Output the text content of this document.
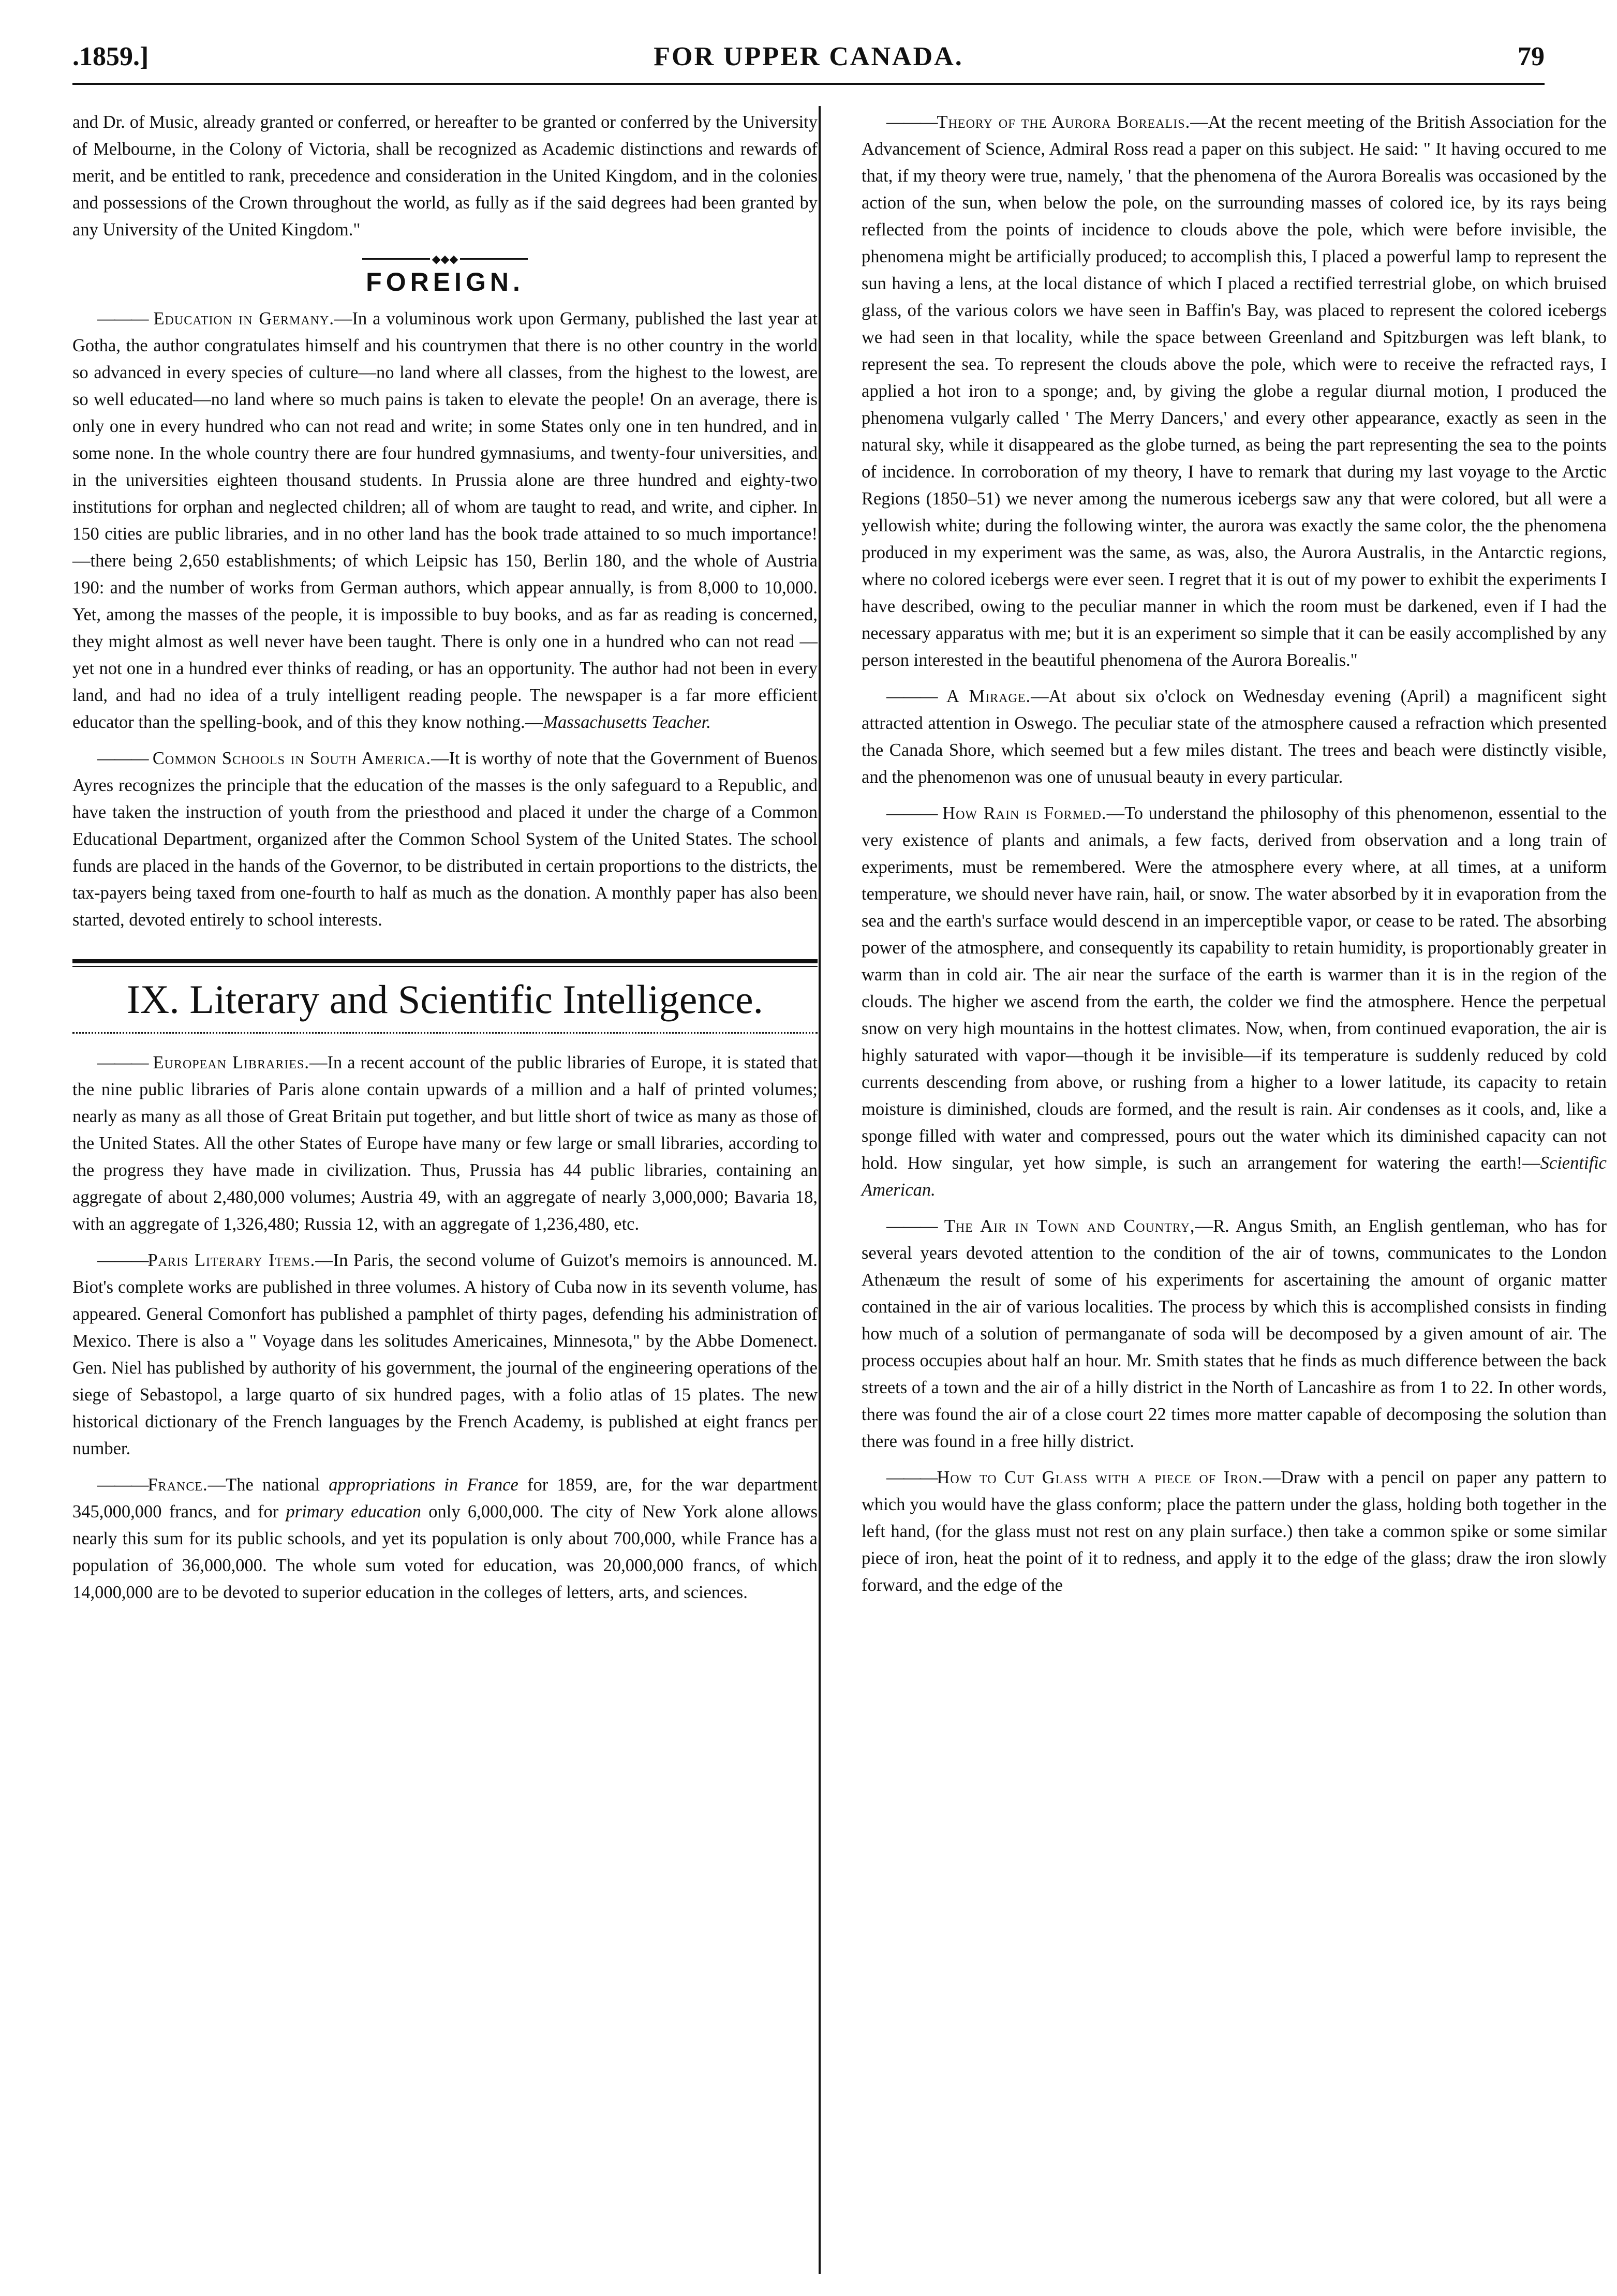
.1859.]	FOR UPPER CANADA.	79

and Dr. of Music, already granted or conferred, or hereafter to be granted or conferred by the University of Melbourne, in the Colony of Victoria, shall be recognized as Academic distinctions and rewards of merit, and be entitled to rank, precedence and consideration in the United Kingdom, and in the colonies and possessions of the Crown throughout the world, as fully as if the said degrees had been granted by any University of the United Kingdom."

◆◆◆
FOREIGN.

——— Education in Germany.—In a voluminous work upon Germany, published the last year at Gotha, the author congratulates himself and his countrymen that there is no other country in the world so advanced in every species of culture—no land where all classes, from the highest to the lowest, are so well educated—no land where so much pains is taken to elevate the people! On an average, there is only one in every hundred who can not read and write; in some States only one in ten hundred, and in some none. In the whole country there are four hundred gymnasiums, and twenty-four universities, and in the universities eighteen thousand students. In Prussia alone are three hundred and eighty-two institutions for orphan and neglected children; all of whom are taught to read, and write, and cipher. In 150 cities are public libraries, and in no other land has the book trade attained to so much importance!—there being 2,650 establishments; of which Leipsic has 150, Berlin 180, and the whole of Austria 190: and the number of works from German authors, which appear annually, is from 8,000 to 10,000. Yet, among the masses of the people, it is impossible to buy books, and as far as reading is concerned, they might almost as well never have been taught. There is only one in a hundred who can not read —yet not one in a hundred ever thinks of reading, or has an opportunity. The author had not been in every land, and had no idea of a truly intelligent reading people. The newspaper is a far more efficient educator than the spelling-book, and of this they know nothing.—Massachusetts Teacher.

——— Common Schools in South America.—It is worthy of note that the Government of Buenos Ayres recognizes the principle that the education of the masses is the only safeguard to a Republic, and have taken the instruction of youth from the priesthood and placed it under the charge of a Common Educational Department, organized after the Common School System of the United States. The school funds are placed in the hands of the Governor, to be distributed in certain proportions to the districts, the tax-payers being taxed from one-fourth to half as much as the donation. A monthly paper has also been started, devoted entirely to school interests.

IX. Literary and Scientific Intelligence.

——— European Libraries.—In a recent account of the public libraries of Europe, it is stated that the nine public libraries of Paris alone contain upwards of a million and a half of printed volumes; nearly as many as all those of Great Britain put together, and but little short of twice as many as those of the United States. All the other States of Europe have many or few large or small libraries, according to the progress they have made in civilization. Thus, Prussia has 44 public libraries, containing an aggregate of about 2,480,000 volumes; Austria 49, with an aggregate of nearly 3,000,000; Bavaria 18, with an aggregate of 1,326,480; Russia 12, with an aggregate of 1,236,480, etc.

———Paris Literary Items.—In Paris, the second volume of Guizot's memoirs is announced. M. Biot's complete works are published in three volumes. A history of Cuba now in its seventh volume, has appeared. General Comonfort has published a pamphlet of thirty pages, defending his administration of Mexico. There is also a " Voyage dans les solitudes Americaines, Minnesota," by the Abbe Domenect. Gen. Niel has published by authority of his government, the journal of the engineering operations of the siege of Sebastopol, a large quarto of six hundred pages, with a folio atlas of 15 plates. The new historical dictionary of the French languages by the French Academy, is published at eight francs per number.

———France.—The national appropriations in France for 1859, are, for the war department 345,000,000 francs, and for primary education only 6,000,000. The city of New York alone allows nearly this sum for its public schools, and yet its population is only about 700,000, while France has a population of 36,000,000. The whole sum voted for education, was 20,000,000 francs, of which 14,000,000 are to be devoted to superior education in the colleges of letters, arts, and sciences.

———Theory of the Aurora Borealis.—At the recent meeting of the British Association for the Advancement of Science, Admiral Ross read a paper on this subject. He said: " It having occured to me that, if my theory were true, namely, ' that the phenomena of the Aurora Borealis was occasioned by the action of the sun, when below the pole, on the surrounding masses of colored ice, by its rays being reflected from the points of incidence to clouds above the pole, which were before invisible, the phenomena might be artificially produced; to accomplish this, I placed a powerful lamp to represent the sun having a lens, at the local distance of which I placed a rectified terrestrial globe, on which bruised glass, of the various colors we have seen in Baffin's Bay, was placed to represent the colored icebergs we had seen in that locality, while the space between Greenland and Spitzburgen was left blank, to represent the sea. To represent the clouds above the pole, which were to receive the refracted rays, I applied a hot iron to a sponge; and, by giving the globe a regular diurnal motion, I produced the phenomena vulgarly called ' The Merry Dancers,' and every other appearance, exactly as seen in the natural sky, while it disappeared as the globe turned, as being the part representing the sea to the points of incidence. In corroboration of my theory, I have to remark that during my last voyage to the Arctic Regions (1850–51) we never among the numerous icebergs saw any that were colored, but all were a yellowish white; during the following winter, the aurora was exactly the same color, the the phenomena produced in my experiment was the same, as was, also, the Aurora Australis, in the Antarctic regions, where no colored icebergs were ever seen. I regret that it is out of my power to exhibit the experiments I have described, owing to the peculiar manner in which the room must be darkened, even if I had the necessary apparatus with me; but it is an experiment so simple that it can be easily accomplished by any person interested in the beautiful phenomena of the Aurora Borealis."

——— A Mirage.—At about six o'clock on Wednesday evening (April) a magnificent sight attracted attention in Oswego. The peculiar state of the atmosphere caused a refraction which presented the Canada Shore, which seemed but a few miles distant. The trees and beach were distinctly visible, and the phenomenon was one of unusual beauty in every particular.

——— How Rain is Formed.—To understand the philosophy of this phenomenon, essential to the very existence of plants and animals, a few facts, derived from observation and a long train of experiments, must be remembered. Were the atmosphere every where, at all times, at a uniform temperature, we should never have rain, hail, or snow. The water absorbed by it in evaporation from the sea and the earth's surface would descend in an imperceptible vapor, or cease to be rated. The absorbing power of the atmosphere, and consequently its capability to retain humidity, is proportionably greater in warm than in cold air. The air near the surface of the earth is warmer than it is in the region of the clouds. The higher we ascend from the earth, the colder we find the atmosphere. Hence the perpetual snow on very high mountains in the hottest climates. Now, when, from continued evaporation, the air is highly saturated with vapor—though it be invisible—if its temperature is suddenly reduced by cold currents descending from above, or rushing from a higher to a lower latitude, its capacity to retain moisture is diminished, clouds are formed, and the result is rain. Air condenses as it cools, and, like a sponge filled with water and compressed, pours out the water which its diminished capacity can not hold. How singular, yet how simple, is such an arrangement for watering the earth!—Scientific American.

——— The Air in Town and Country,—R. Angus Smith, an English gentleman, who has for several years devoted attention to the condition of the air of towns, communicates to the London Athenæum the result of some of his experiments for ascertaining the amount of organic matter contained in the air of various localities. The process by which this is accomplished consists in finding how much of a solution of permanganate of soda will be decomposed by a given amount of air. The process occupies about half an hour. Mr. Smith states that he finds as much difference between the back streets of a town and the air of a hilly district in the North of Lancashire as from 1 to 22. In other words, there was found the air of a close court 22 times more matter capable of decomposing the solution than there was found in a free hilly district.

———How to Cut Glass with a piece of Iron.—Draw with a pencil on paper any pattern to which you would have the glass conform; place the pattern under the glass, holding both together in the left hand, (for the glass must not rest on any plain surface.) then take a common spike or some similar piece of iron, heat the point of it to redness, and apply it to the edge of the glass; draw the iron slowly forward, and the edge of the
